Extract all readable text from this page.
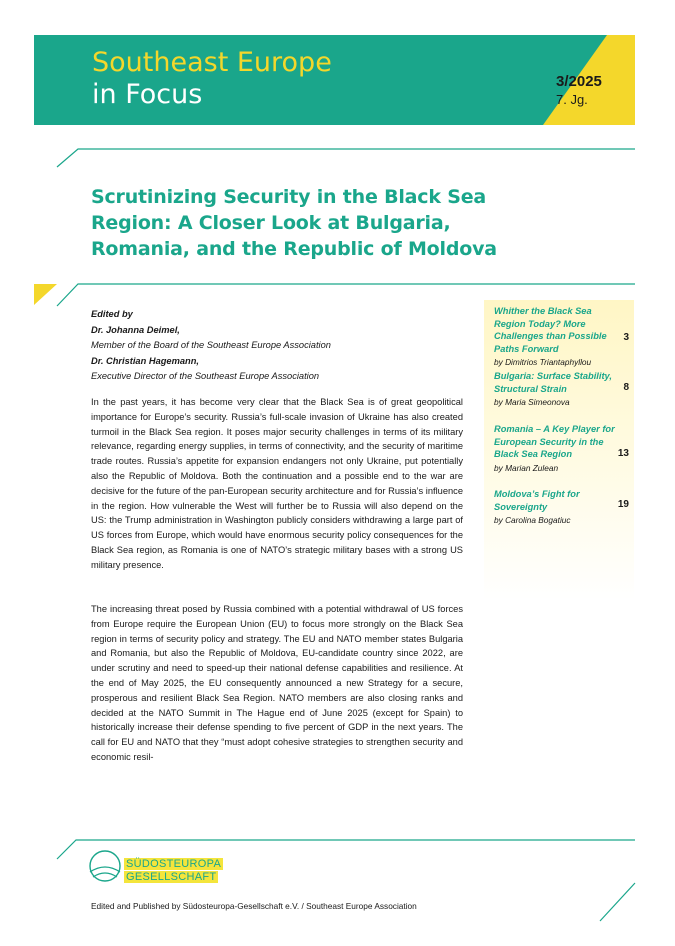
Southeast Europe
in Focus	3/2025
7. Jg.
Scrutinizing Security in the Black Sea
Region: A Closer Look at Bulgaria,
Romania, and the Republic of Moldova
Edited by
Dr. Johanna Deimel,
Member of the Board of the Southeast Europe Association
Dr. Christian Hagemann,
Executive Director of the Southeast Europe Association
In the past years, it has become very clear that the Black Sea is of great geopolitical importance for Europe’s security. Russia’s full-scale invasion of Ukraine has also created turmoil in the Black Sea region. It poses major security challenges in terms of its military relevance, regarding energy supplies, in terms of connectivity, and the security of maritime trade routes. Russia’s appetite for expansion endangers not only Ukraine, put potentially also the Republic of Moldova. Both the continuation and a possible end to the war are decisive for the future of the pan-European security architecture and for Russia’s influence in the region. How vulnerable the West will further be to Russia will also depend on the US: the Trump administration in Washington publicly considers withdrawing a large part of US forces from Europe, which would have enormous security policy consequences for the Black Sea region, as Romania is one of NATO’s strategic military bases with a strong US military presence.
The increasing threat posed by Russia combined with a potential withdrawal of US forces from Europe require the European Union (EU) to focus more strongly on the Black Sea region in terms of security policy and strategy. The EU and NATO member states Bulgaria and Romania, but also the Republic of Moldova, EU-candidate country since 2022, are under scrutiny and need to speed-up their national defense capabilities and resilience. At the end of May 2025, the EU consequently announced a new Strategy for a secure, prosperous and resilient Black Sea Region. NATO members are also closing ranks and decided at the NATO Summit in The Hague end of June 2025 (except for Spain) to historically increase their defense spending to five percent of GDP in the next years. The call for EU and NATO that they “must adopt cohesive strategies to strengthen security and economic resil-
Whither the Black Sea Region Today? More Challenges than Possible Paths Forward
by Dimitrios Triantaphyllou
3
Bulgaria: Surface Stability, Structural Strain
by Maria Simeonova
8
Romania – A Key Player for European Security in the Black Sea Region
by Marian Zulean
13
Moldova’s Fight for Sovereignty
by Carolina Bogatiuc
19
SÜDOSTEUROPA
GESELLSCHAFT
Edited and Published by Südosteuropa-Gesellschaft e.V. / Southeast Europe Association
